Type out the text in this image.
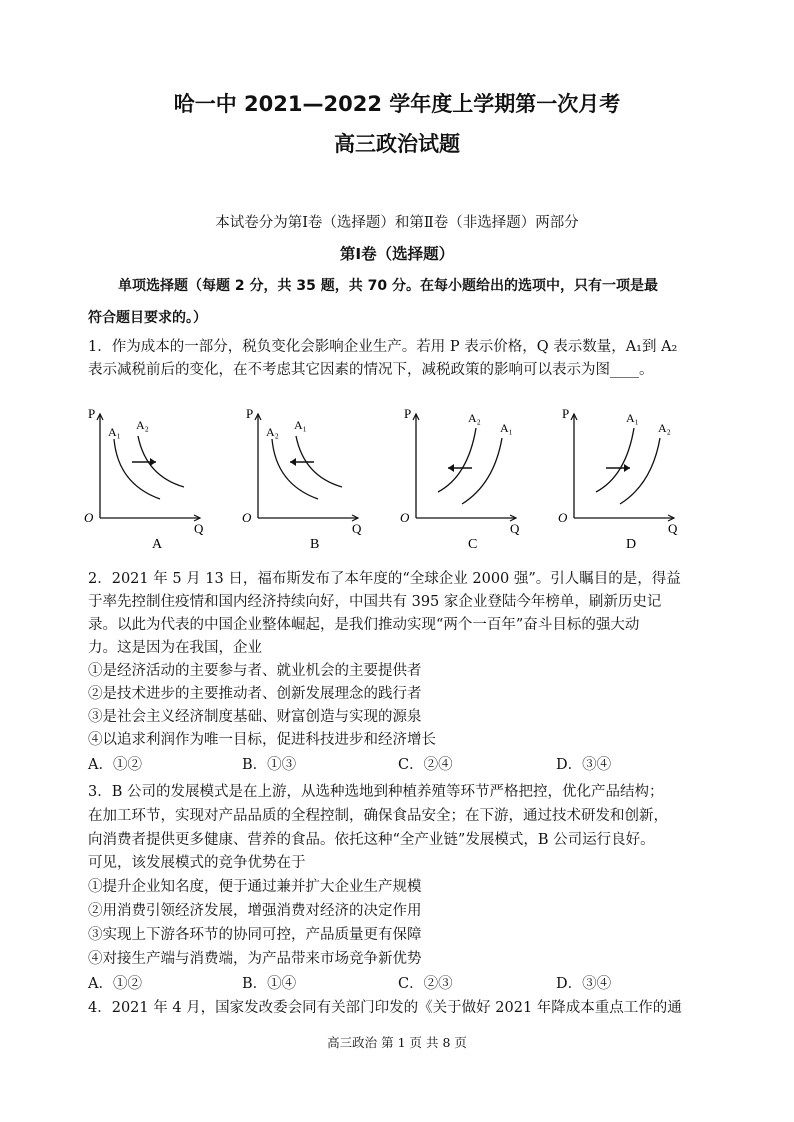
哈一中 2021—2022 学年度上学期第一次月考
高三政治试题
本试卷分为第Ⅰ卷（选择题）和第Ⅱ卷（非选择题）两部分
第Ⅰ卷（选择题）
单项选择题（每题 2 分，共 35 题，共 70 分。在每小题给出的选项中，只有一项是最
符合题目要求的。）
1．作为成本的一部分，税负变化会影响企业生产。若用 P 表示价格，Q 表示数量，A₁到 A₂
表示减税前后的变化，在不考虑其它因素的情况下，减税政策的影响可以表示为图____。
P
Q
O
A
A₁ A₂
P
Q
O
B
A₂ A₁
P
Q
O
C
A₂
A₁
P
Q
O
D
A₁
A₂
2．2021 年 5 月 13 日，福布斯发布了本年度的“全球企业 2000 强”。引人瞩目的是，得益
于率先控制住疫情和国内经济持续向好，中国共有 395 家企业登陆今年榜单，刷新历史记
录。以此为代表的中国企业整体崛起，是我们推动实现“两个一百年”奋斗目标的强大动
力。这是因为在我国，企业
①是经济活动的主要参与者、就业机会的主要提供者
②是技术进步的主要推动者、创新发展理念的践行者
③是社会主义经济制度基础、财富创造与实现的源泉
④以追求利润作为唯一目标，促进科技进步和经济增长
A．①②	B．①③	C．②④	D．③④
3．B 公司的发展模式是在上游，从选种选地到种植养殖等环节严格把控，优化产品结构；
在加工环节，实现对产品品质的全程控制，确保食品安全；在下游，通过技术研发和创新，
向消费者提供更多健康、营养的食品。依托这种“全产业链”发展模式，B 公司运行良好。
可见，该发展模式的竞争优势在于
①提升企业知名度，便于通过兼并扩大企业生产规模
②用消费引领经济发展，增强消费对经济的决定作用
③实现上下游各环节的协同可控，产品质量更有保障
④对接生产端与消费端，为产品带来市场竞争新优势
A．①②	B．①④	C．②③	D．③④
4．2021 年 4 月，国家发改委会同有关部门印发的《关于做好 2021 年降成本重点工作的通
高三政治 第 1 页 共 8 页
